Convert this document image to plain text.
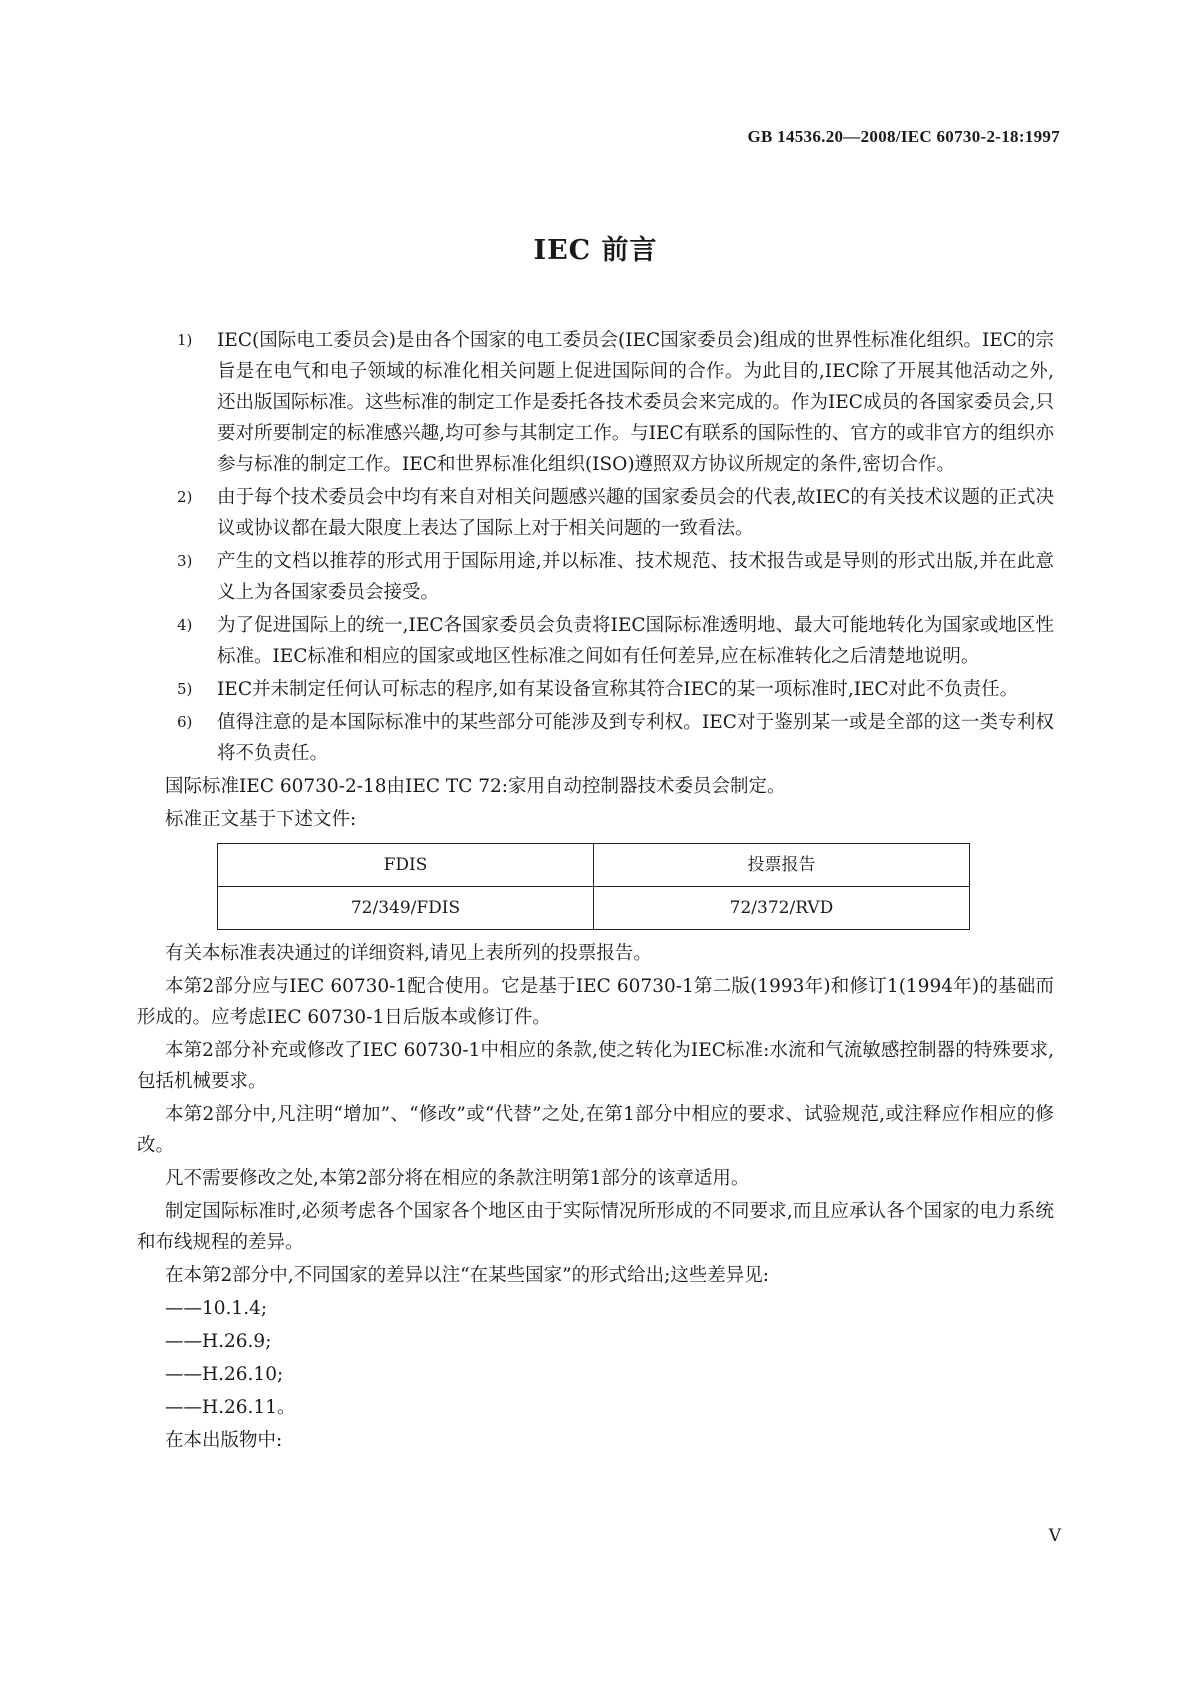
GB 14536.20—2008/IEC 60730-2-18:1997
IEC 前言
1)	IEC(国际电工委员会)是由各个国家的电工委员会(IEC国家委员会)组成的世界性标准化组织。IEC的宗旨是在电气和电子领域的标准化相关问题上促进国际间的合作。为此目的,IEC除了开展其他活动之外,还出版国际标准。这些标准的制定工作是委托各技术委员会来完成的。作为IEC成员的各国家委员会,只要对所要制定的标准感兴趣,均可参与其制定工作。与IEC有联系的国际性的、官方的或非官方的组织亦参与标准的制定工作。IEC和世界标准化组织(ISO)遵照双方协议所规定的条件,密切合作。
2)	由于每个技术委员会中均有来自对相关问题感兴趣的国家委员会的代表,故IEC的有关技术议题的正式决议或协议都在最大限度上表达了国际上对于相关问题的一致看法。
3)	产生的文档以推荐的形式用于国际用途,并以标准、技术规范、技术报告或是导则的形式出版,并在此意义上为各国家委员会接受。
4)	为了促进国际上的统一,IEC各国家委员会负责将IEC国际标准透明地、最大可能地转化为国家或地区性标准。IEC标准和相应的国家或地区性标准之间如有任何差异,应在标准转化之后清楚地说明。
5)	IEC并未制定任何认可标志的程序,如有某设备宣称其符合IEC的某一项标准时,IEC对此不负责任。
6)	值得注意的是本国际标准中的某些部分可能涉及到专利权。IEC对于鉴别某一或是全部的这一类专利权将不负责任。

国际标准IEC 60730-2-18由IEC TC 72:家用自动控制器技术委员会制定。

标准正文基于下述文件:

FDIS	投票报告
72/349/FDIS	72/372/RVD

有关本标准表决通过的详细资料,请见上表所列的投票报告。

本第2部分应与IEC 60730-1配合使用。它是基于IEC 60730-1第二版(1993年)和修订1(1994年)的基础而形成的。应考虑IEC 60730-1日后版本或修订件。

本第2部分补充或修改了IEC 60730-1中相应的条款,使之转化为IEC标准:水流和气流敏感控制器的特殊要求,包括机械要求。

本第2部分中,凡注明“增加”、“修改”或“代替”之处,在第1部分中相应的要求、试验规范,或注释应作相应的修改。

凡不需要修改之处,本第2部分将在相应的条款注明第1部分的该章适用。

制定国际标准时,必须考虑各个国家各个地区由于实际情况所形成的不同要求,而且应承认各个国家的电力系统和布线规程的差异。

在本第2部分中,不同国家的差异以注“在某些国家”的形式给出;这些差异见:

——10.1.4;

——H.26.9;

——H.26.10;

——H.26.11。

在本出版物中:

V
